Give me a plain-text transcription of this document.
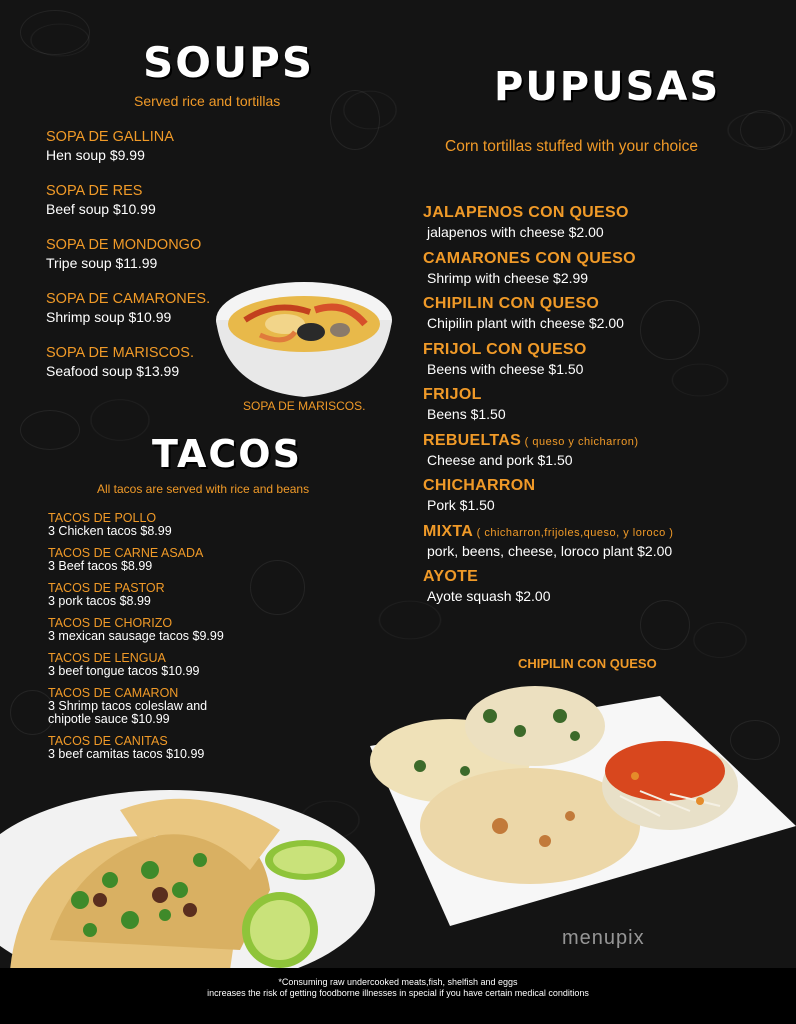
SOUPS
Served rice and tortillas
SOPA DE GALLINA
Hen soup $9.99
SOPA DE RES
Beef soup $10.99
SOPA DE MONDONGO
Tripe soup $11.99
SOPA DE CAMARONES.
Shrimp soup $10.99
SOPA DE MARISCOS.
Seafood soup $13.99
SOPA DE MARISCOS.
TACOS
All tacos are served with rice and beans
TACOS DE POLLO
3 Chicken tacos $8.99
TACOS DE CARNE ASADA
3 Beef tacos $8.99
TACOS DE PASTOR
3 pork tacos $8.99
TACOS DE CHORIZO
3 mexican sausage tacos $9.99
TACOS DE LENGUA
3 beef tongue tacos $10.99
TACOS DE CAMARON
3 Shrimp tacos coleslaw and chipotle sauce $10.99
TACOS DE CANITAS
3 beef camitas tacos $10.99
PUPUSAS
Corn tortillas stuffed with your choice
JALAPENOS CON QUESO
jalapenos with cheese $2.00
CAMARONES CON QUESO
Shrimp with cheese $2.99
CHIPILIN CON QUESO
Chipilin plant with cheese $2.00
FRIJOL CON QUESO
Beens with cheese $1.50
FRIJOL
Beens $1.50
REBUELTAS ( queso y chicharron)
Cheese and pork $1.50
CHICHARRON
Pork $1.50
MIXTA ( chicharron,frijoles,queso, y loroco )
pork, beens, cheese, loroco plant $2.00
AYOTE
Ayote squash $2.00
CHIPILIN CON QUESO
menupix
*Consuming raw undercooked meats,fish, shelfish and eggs
increases the risk of getting foodborne illnesses in special if you have certain medical conditions
